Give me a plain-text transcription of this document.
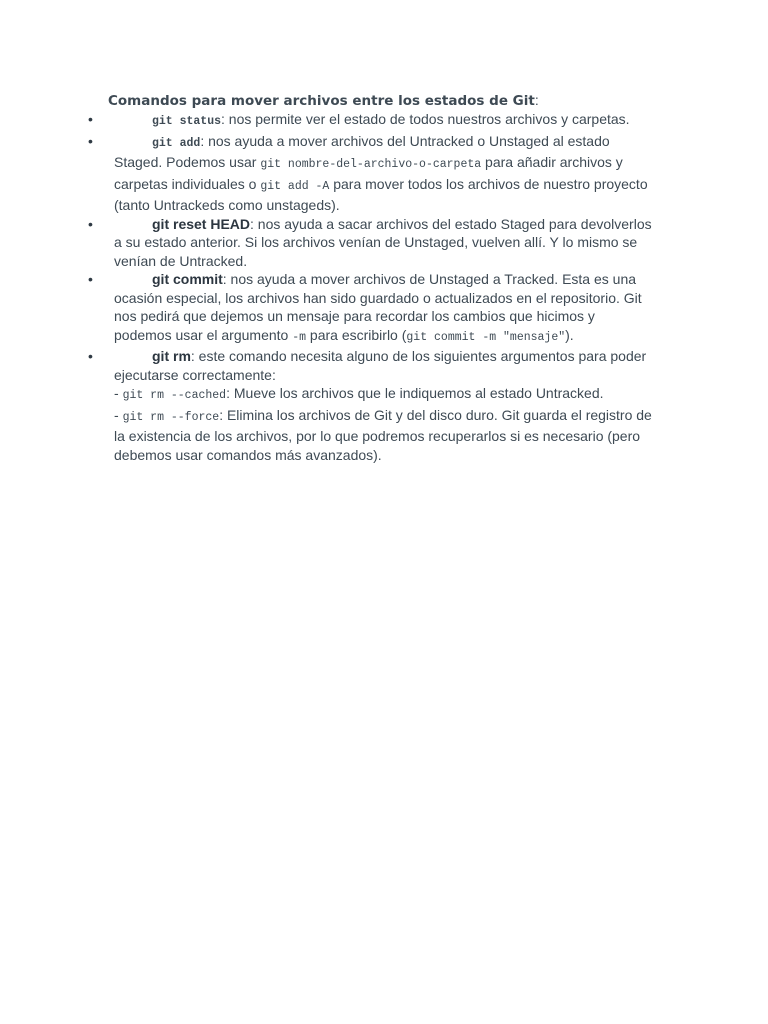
Comandos para mover archivos entre los estados de Git:
•	git status: nos permite ver el estado de todos nuestros archivos y carpetas.
•	git add: nos ayuda a mover archivos del Untracked o Unstaged al estado Staged. Podemos usar git nombre-del-archivo-o-carpeta para añadir archivos y carpetas individuales o git add -A para mover todos los archivos de nuestro proyecto (tanto Untrackeds como unstageds).
•	git reset HEAD: nos ayuda a sacar archivos del estado Staged para devolverlos a su estado anterior. Si los archivos venían de Unstaged, vuelven allí. Y lo mismo se venían de Untracked.
•	git commit: nos ayuda a mover archivos de Unstaged a Tracked. Esta es una ocasión especial, los archivos han sido guardado o actualizados en el repositorio. Git nos pedirá que dejemos un mensaje para recordar los cambios que hicimos y podemos usar el argumento -m para escribirlo (git commit -m "mensaje").
•	git rm: este comando necesita alguno de los siguientes argumentos para poder ejecutarse correctamente:
- git rm --cached: Mueve los archivos que le indiquemos al estado Untracked.
- git rm --force: Elimina los archivos de Git y del disco duro. Git guarda el registro de la existencia de los archivos, por lo que podremos recuperarlos si es necesario (pero debemos usar comandos más avanzados).
